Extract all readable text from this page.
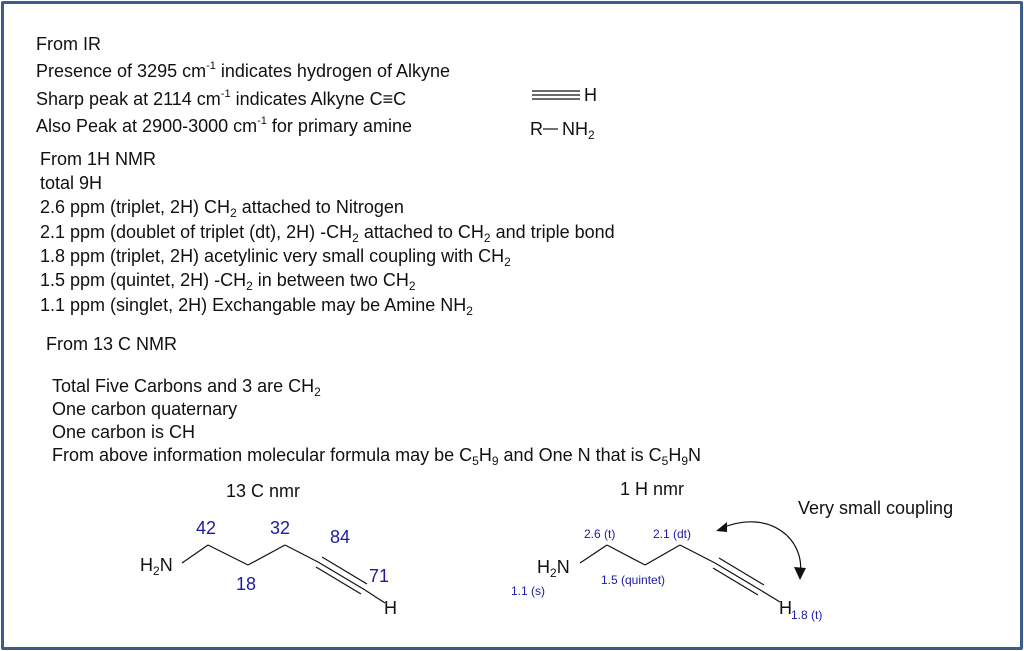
From IR
Presence of 3295 $cm^{-1}$ indicates hydrogen of Alkyne
Sharp peak at 2114 $cm^{-1}$ indicates Alkyne C≡C
Also Peak at 2900-3000 $cm^{-1}$ for primary amine
H
R $NH_2$
From 1H NMR
total 9H
2.6 ppm (triplet, 2H) $CH_2$ attached to Nitrogen
2.1 ppm (doublet of triplet (dt), 2H) $-CH_2$ attached to $CH_2$ and triple bond
1.8 ppm (triplet, 2H) acetylinic very small coupling with $CH_2$
1.5 ppm (quintet, 2H) $-CH_2$ in between two $CH_2$
1.1 ppm (singlet, 2H) Exchangable may be Amine $NH_2$
From 13 C NMR
Total Five Carbons and 3 are $CH_2$
One carbon quaternary
One carbon is CH
From above information molecular formula may be $C_5H_9$ and One N that is $C_5H_9N$
13 C nmr
$H_2N$
42
18
32 84
71
H
1 H nmr
Very small coupling
$H_2N$
2.6 (t)	2.1 (dt)
1.5 (quintet)
1.1 (s)
H 1.8 (t)
